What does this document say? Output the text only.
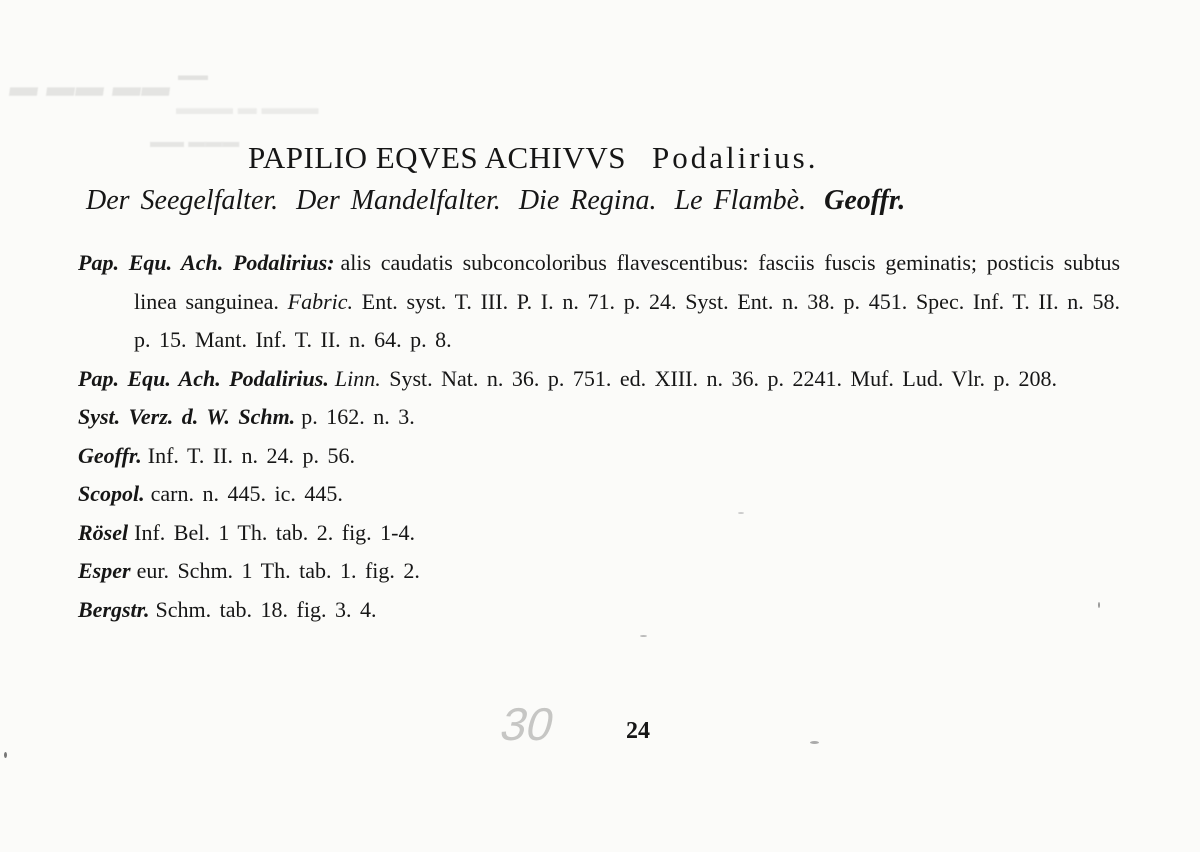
▬ ▬▬ ▬▬ ▬▬
▬▬▬ ▬ ▬▬▬
▬▬ ▬▬▬ PAPILIO EQVES ACHIVVS Podalirius.
Der Seegelfalter. Der Mandelfalter. Die Regina. Le Flambè. Geoffr.
Pap. Equ. Ach. Podalirius: alis caudatis subconcoloribus flavescentibus: fasciis fuscis geminatis; posticis subtus linea sanguinea. Fabric. Ent. syst. T. III. P. I. n. 71. p. 24. Syst. Ent. n. 38. p. 451. Spec. Inf. T. II. n. 58. p. 15. Mant. Inf. T. II. n. 64. p. 8.
Pap. Equ. Ach. Podalirius. Linn. Syst. Nat. n. 36. p. 751. ed. XIII. n. 36. p. 2241. Muf. Lud. Vlr. p. 208.
Syst. Verz. d. W. Schm. p. 162. n. 3.
Geoffr. Inf. T. II. n. 24. p. 56.
Scopol. carn. n. 445. ic. 445.
Rösel Inf. Bel. 1 Th. tab. 2. fig. 1-4.
Esper eur. Schm. 1 Th. tab. 1. fig. 2.
Bergstr. Schm. tab. 18. fig. 3. 4.
30	24
